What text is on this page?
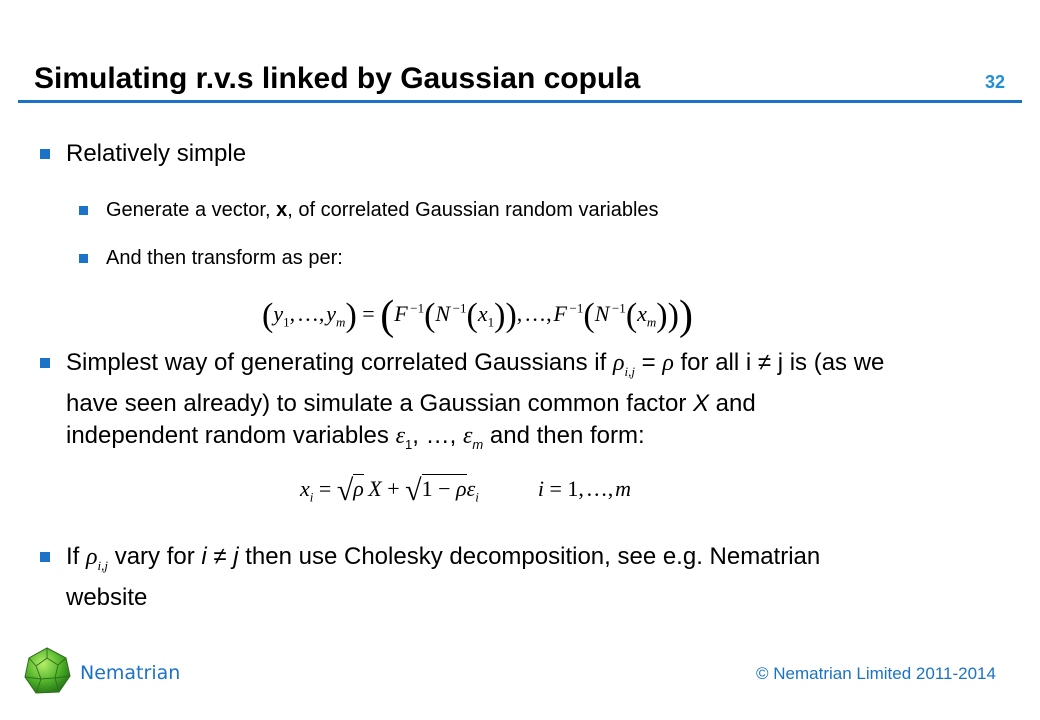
Simulating r.v.s linked by Gaussian copula	32
Relatively simple
Generate a vector, x, of correlated Gaussian random variables
And then transform as per:
($y_1$, …, $y_m) = (F$ $^{-1}$(N $^{-1}(x_1)$), …, F $^{-1}$(N $^{-1}(x_m)$))
Simplest way of generating correlated Gaussians if $\rho_{i,j} = \rho$ for all i ≠ j is (as we
have seen already) to simulate a Gaussian common factor X and
independent random variables $\varepsilon_1$, …, $\varepsilon_m$ and then form:
$x_i = √\rho$  $X + √1 - \rho\varepsilon_i$	i = 1, …, m
If $\rho_{i,j}$ vary for i ≠ j then use Cholesky decomposition, see e.g. Nematrian
website
Nematrian	© Nematrian Limited 2011-2014
